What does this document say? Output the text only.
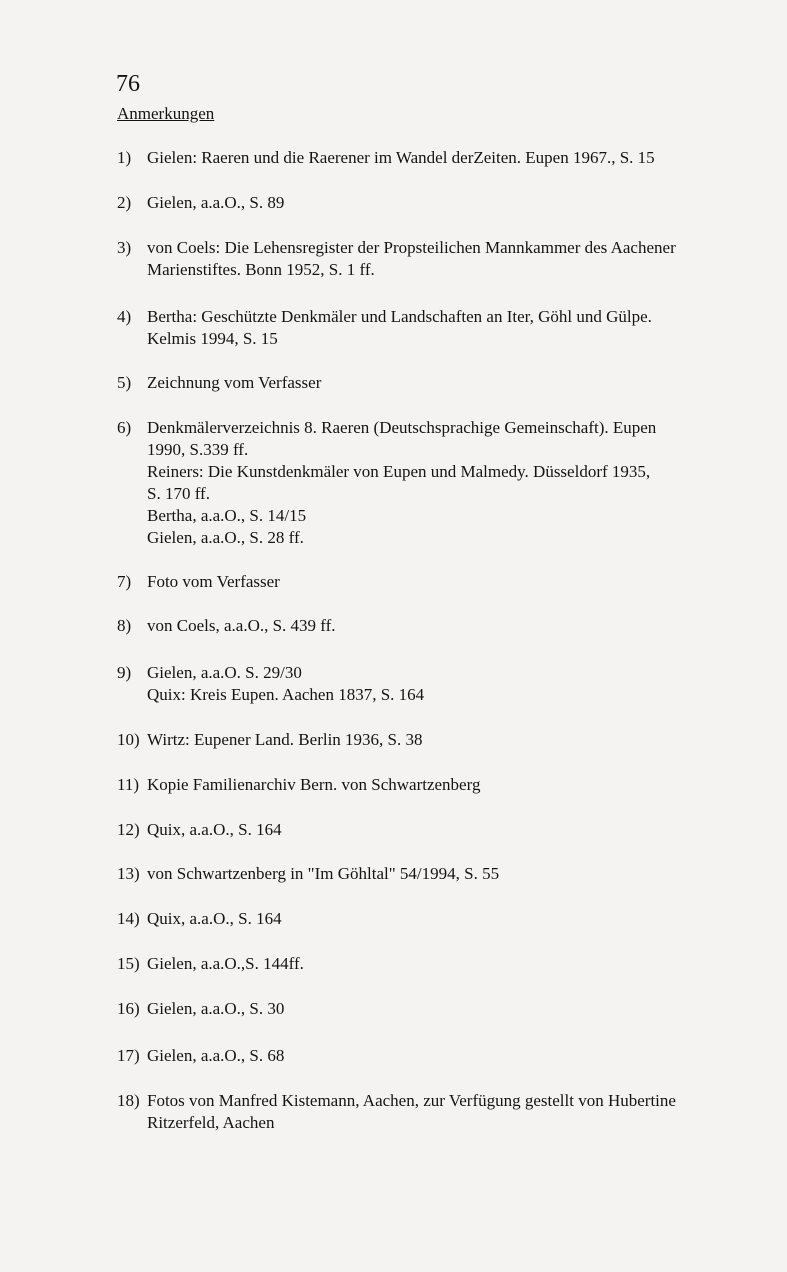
76
Anmerkungen
1) Gielen: Raeren und die Raerener im Wandel derZeiten. Eupen 1967., S. 15
2) Gielen, a.a.O., S. 89
3) von Coels: Die Lehensregister der Propsteilichen Mannkammer des Aachener
Marienstiftes. Bonn 1952, S. 1 ff.
4) Bertha: Geschützte Denkmäler und Landschaften an Iter, Göhl und Gülpe.
Kelmis 1994, S. 15
5) Zeichnung vom Verfasser
6) Denkmälerverzeichnis 8. Raeren (Deutschsprachige Gemeinschaft). Eupen
1990, S.339 ff.
Reiners: Die Kunstdenkmäler von Eupen und Malmedy. Düsseldorf 1935,
S. 170 ff.
Bertha, a.a.O., S. 14/15
Gielen, a.a.O., S. 28 ff.
7) Foto vom Verfasser
8) von Coels, a.a.O., S. 439 ff.
9) Gielen, a.a.O. S. 29/30
Quix: Kreis Eupen. Aachen 1837, S. 164
10) Wirtz: Eupener Land. Berlin 1936, S. 38
11) Kopie Familienarchiv Bern. von Schwartzenberg
12) Quix, a.a.O., S. 164
13) von Schwartzenberg in "Im Göhltal" 54/1994, S. 55
14) Quix, a.a.O., S. 164
15) Gielen, a.a.O.,S. 144ff.
16) Gielen, a.a.O., S. 30
17) Gielen, a.a.O., S. 68
18) Fotos von Manfred Kistemann, Aachen, zur Verfügung gestellt von Hubertine
Ritzerfeld, Aachen
